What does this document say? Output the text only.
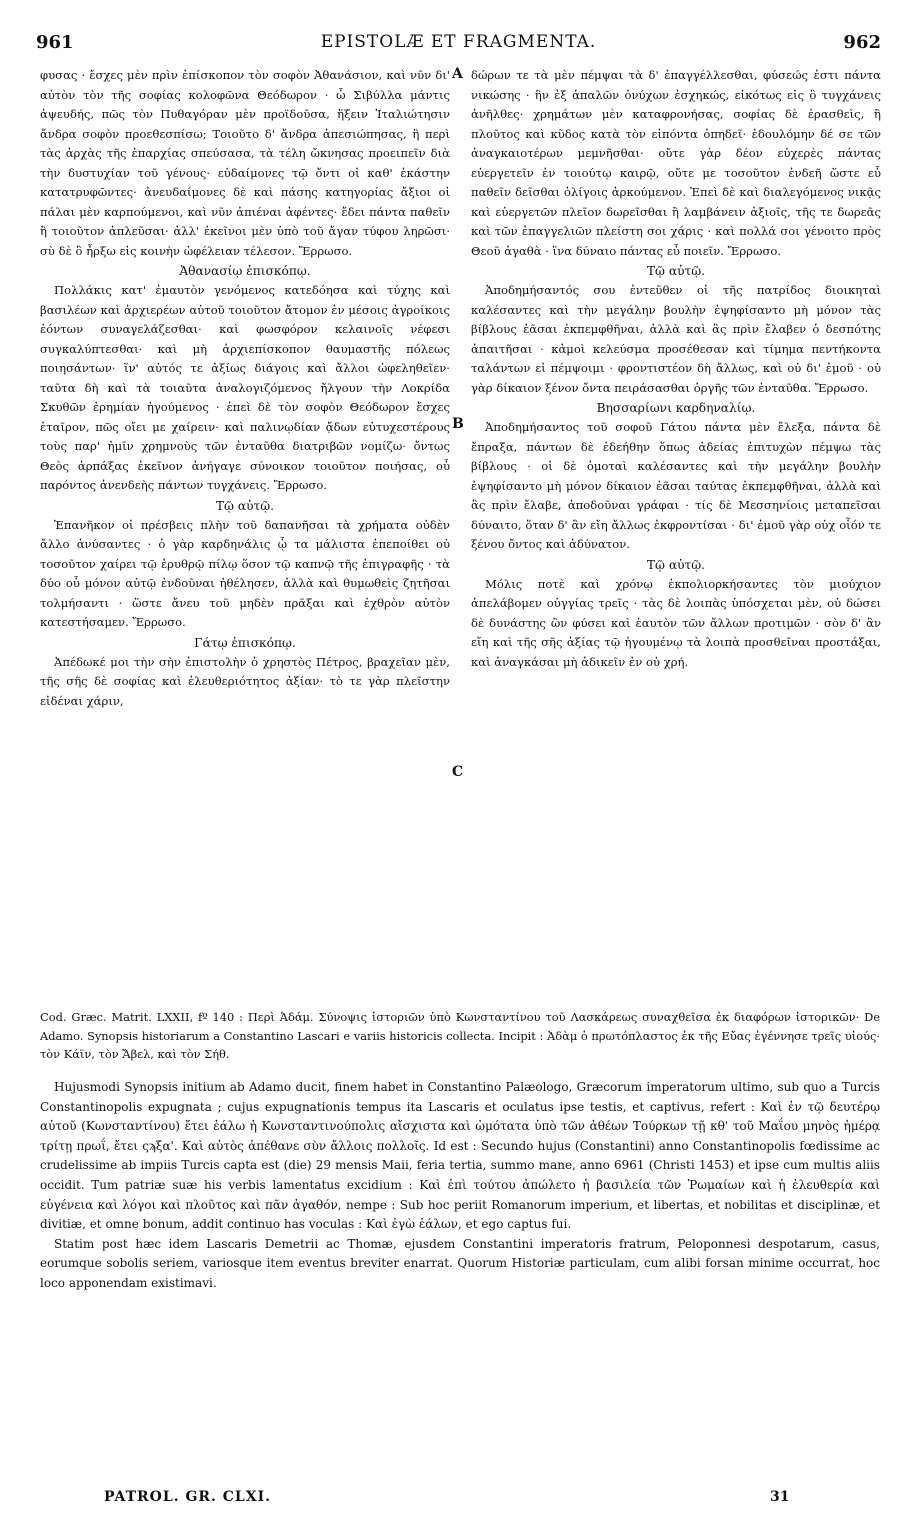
961	EPISTOLÆ ET FRAGMENTA.	962
A
B
C

φυσας · ἔσχες μὲν πρὶν ἐπίσκοπον τὸν σοφὸν Ἀθανάσιον, καὶ νῦν δι' αὐτὸν τὸν τῆς σοφίας κολοφῶνα Θεόδωρον · ὦ Σιβύλλα μάντις ἀψευδής, πῶς τὸν Πυθαγόραν μὲν προϊδοῦσα, ἥξειν Ἰταλιώτησιν ἄνδρα σοφὸν προεθεσπίσω; Τοιοῦτο δ' ἄνδρα ἀπεσιώπησας, ἢ περὶ τὰς ἀρχὰς τῆς ἐπαρχίας σπεύσασα, τὰ τέλη ὤκνησας προειπεῖν διὰ τὴν δυστυχίαν τοῦ γένους· εὐδαίμονες τῷ ὄντι οἱ καθ' ἑκάστην κατατρυφῶντες· ἀνευδαίμονες δὲ καὶ πάσης κατηγορίας ἄξιοι οἱ πάλαι μὲν καρπούμενοι, καὶ νῦν ἀπιέναι ἀφέντες· ἔδει πάντα παθεῖν ἢ τοιοῦτον ἀπλεῦσαι· ἀλλ' ἐκεῖνοι μὲν ὑπὸ τοῦ ἄγαν τύφου ληρῶσι· σὺ δὲ ὃ ἦρξω εἰς κοινὴν ὠφέλειαν τέλεσον. Ἔρρωσο.

Ἀθανασίῳ ἐπισκόπῳ.

Πολλάκις κατ' ἐμαυτὸν γενόμενος κατεδόησα καὶ τύχης καὶ βασιλέων καὶ ἀρχιερέων αὐτοῦ τοιοῦτον ἄτομον ἐν μέσοις ἀγροίκοις ἐόντων συναγελάζεσθαι· καὶ φωσφόρον κελαινοῖς νέφεσι συγκαλύπτεσθαι· καὶ μὴ ἀρχιεπίσκοπον θαυμαστῆς πόλεως ποιησάντων· ἵν' αὐτός τε ἀξίως διάγοις καὶ ἄλλοι ὠφεληθεῖεν· ταῦτα δὴ καὶ τὰ τοιαῦτα ἀναλογιζόμενος ἤλγουν τὴν Λοκρίδα Σκυθῶν ἐρημίαν ἡγούμενος · ἐπεὶ δὲ τὸν σοφὸν Θεόδωρον ἔσχες ἑταῖρον, πῶς οἴει με χαίρειν· καὶ παλινῳδίαν ᾄδων εὐτυχεστέρους τοὺς παρ' ἡμῖν χρημνοὺς τῶν ἐνταῦθα διατριβῶν νομίζω· ὄντως Θεὸς ἁρπάξας ἐκεῖνον ἀνήγαγε σύνοικον τοιοῦτον ποιήσας, οὗ παρόντος ἀνενδεὴς πάντων τυγχάνεις. Ἔρρωσο.

Τῷ αὐτῷ.

Ἐπανῆκον οἱ πρέσβεις πλὴν τοῦ δαπανῆσαι τὰ χρήματα οὐδὲν ἄλλο ἀνύσαντες · ὁ γὰρ καρδηνάλις ᾧ τα μάλιστα ἐπεποίθει οὐ τοσοῦτον χαίρει τῷ ἐρυθρῷ πίλῳ ὅσον τῷ καπνῷ τῆς ἐπιγραφῆς · τὰ δύο οὗ μόνον αὐτῷ ἐνδοῦναι ἠθέλησεν, ἀλλὰ καὶ θυμωθεὶς ζητῆσαι τολμήσαντι · ὥστε ἄνευ τοῦ μηδὲν πρᾶξαι καὶ ἐχθρὸν αὐτὸν κατεστήσαμεν. Ἔρρωσο.

Γάτῳ ἐπισκόπῳ.

Ἀπέδωκέ μοι τὴν σὴν ἐπιστολὴν ὁ χρηστὸς Πέτρος, βραχεῖαν μὲν, τῆς σῆς δὲ σοφίας καὶ ἐλευθεριότητος ἀξίαν· τὸ τε γὰρ πλεῖστην εἰδέναι χάριν,

δώρων τε τὰ μὲν πέμψαι τὰ δ' ἐπαγγέλλεσθαι, φύσεώς ἐστι πάντα νικώσης · ἣν ἐξ ἁπαλῶν ὀνύχων ἐσχηκώς, εἰκότως εἰς ὃ τυγχάνεις ἀνῆλθες· χρημάτων μὲν καταφρονήσας, σοφίας δὲ ἐρασθεὶς, ἢ πλοῦτος καὶ κῦδος κατὰ τὸν εἰπόντα ὀπηδεῖ· ἐδουλόμην δέ σε τῶν ἀναγκαιοτέρων μεμνῆσθαι· οὔτε γὰρ δέον εὐχερὲς πάντας εὐεργετεῖν ἐν τοιούτῳ καιρῷ, οὔτε με τοσοῦτον ἐνδεῆ ὥστε εὖ παθεῖν δεῖσθαι ὀλίγοις ἀρκούμενον. Ἐπεὶ δὲ καὶ διαλεγόμενος νικᾷς καὶ εὐεργετῶν πλεῖον δωρεῖσθαι ἢ λαμβάνειν ἀξιοῖς, τῆς τε δωρεᾶς καὶ τῶν ἐπαγγελιῶν πλείστη σοι χάρις · καὶ πολλά σοι γένοιτο πρὸς Θεοῦ ἀγαθὰ · ἵνα δύναιο πάντας εὖ ποιεῖν. Ἔρρωσο.

Τῷ αὐτῷ.

Ἀποδημήσαντός σου ἐντεῦθεν οἱ τῆς πατρίδος διοικηταὶ καλέσαντες καὶ τὴν μεγάλην βουλὴν ἐψηφίσαντο μὴ μόνον τὰς βίβλους ἐᾶσαι ἐκπεμφθῆναι, ἀλλὰ καὶ ἃς πρὶν ἔλαβεν ὁ δεσπότης ἀπαιτῆσαι · κἀμοὶ κελεύσμα προσέθεσαν καὶ τίμημα πεντήκοντα ταλάντων εἰ πέμψοιμι · φροντιστέον δὴ ἄλλως, καὶ οὐ δι' ἐμοῦ · οὐ γὰρ δίκαιον ξένον ὄντα πειράσασθαι ὀργῆς τῶν ἐνταῦθα. Ἔρρωσο.

Βησσαρίωνι καρδηναλίῳ.

Ἀποδημήσαντος τοῦ σοφοῦ Γάτου πάντα μὲν ἔλεξα, πάντα δὲ ἔπραξα, πάντων δὲ ἐδεήθην ὅπως ἀδείας ἐπιτυχὼν πέμψω τὰς βίβλους · οἱ δὲ ὁμοταὶ καλέσαντες καὶ τὴν μεγάλην βουλὴν ἐψηφίσαντο μὴ μόνον δίκαιον ἐᾶσαι ταύτας ἐκπεμφθῆναι, ἀλλὰ καὶ ἃς πρὶν ἔλαβε, ἀποδοῦναι γράφαι · τίς δὲ Μεσσηνίοις μεταπεῖσαι δύναιτο, ὅταν δ' ἂν εἴη ἄλλως ἐκφροντίσαι · δι' ἐμοῦ γὰρ οὐχ οἷόν τε ξένου ὄντος καὶ ἀδύνατον.

Τῷ αὐτῷ.

Μόλις ποτὲ καὶ χρόνῳ ἐκπολιορκήσαντες τὸν μιούχιον ἀπελάβομεν οὐγγίας τρεῖς · τὰς δὲ λοιπὰς ὑπόσχεται μὲν, οὐ δώσει δὲ δυνάστης ὢν φύσει καὶ ἑαυτὸν τῶν ἄλλων προτιμῶν · σὸν δ' ἂν εἴη καὶ τῆς σῆς ἀξίας τῷ ἡγουμένῳ τὰ λοιπὰ προσθεῖναι προστάξαι, καὶ ἀναγκάσαι μὴ ἀδικεῖν ἐν οὐ χρή.

Cod. Græc. Matrit. LXXII, fº 140 : Περὶ Ἀδάμ. Σύνοψις ἱστοριῶν ὑπὸ Κωνσταντίνου τοῦ Λασκάρεως συναχθεῖσα ἐκ διαφόρων ἱστορικῶν· De Adamo. Synopsis historiarum a Constantino Lascari e variis historicis collecta. Incipit : Ἀδὰμ ὁ πρωτόπλαστος ἐκ τῆς Εὔας ἐγέννησε τρεῖς υἱούς· τὸν Κάϊν, τὸν Ἄβελ, καὶ τὸν Σήθ.

Hujusmodi Synopsis initium ab Adamo ducit, finem habet in Constantino Palæologo, Græcorum imperatorum ultimo, sub quo a Turcis Constantinopolis expugnata ; cujus expugnationis tempus ita Lascaris et oculatus ipse testis, et captivus, refert : Καὶ ἐν τῷ δευτέρῳ αὐτοῦ (Κωνσταντίνου) ἔτει ἑάλω ἡ Κωνσταντινούπολις αἴσχιστα καὶ ὠμότατα ὑπὸ τῶν ἀθέων Τούρκων τῇ κθ' τοῦ Μαΐου μηνὸς ἡμέρᾳ τρίτῃ πρωΐ, ἔτει ςϡξα'. Καὶ αὐτὸς ἀπέθανε σὺν ἄλλοις πολλοῖς. Id est : Secundo hujus (Constantini) anno Constantinopolis fœdissime ac crudelissime ab impiis Turcis capta est (die) 29 mensis Maii, feria tertia, summo mane, anno 6961 (Christi 1453) et ipse cum multis aliis occidit. Tum patriæ suæ his verbis lamentatus excidium : Καὶ ἐπὶ τούτου ἀπώλετο ἡ βασιλεία τῶν Ῥωμαίων καὶ ἡ ἐλευθερία καὶ εὐγένεια καὶ λόγοι καὶ πλοῦτος καὶ πᾶν ἀγαθόν, nempe : Sub hoc periit Romanorum imperium, et libertas, et nobilitas et disciplinæ, et divitiæ, et omne bonum, addit continuo has voculas : Καὶ ἐγὼ ἑάλων, et ego captus fui.

Statim post hæc idem Lascaris Demetrii ac Thomæ, ejusdem Constantini imperatoris fratrum, Peloponnesi despotarum, casus, eorumque sobolis seriem, variosque item eventus breviter enarrat. Quorum Historiæ particulam, cum alibi forsan minime occurrat, hoc loco apponendam existimavi.

PATROL. GR. CLXI.	31
